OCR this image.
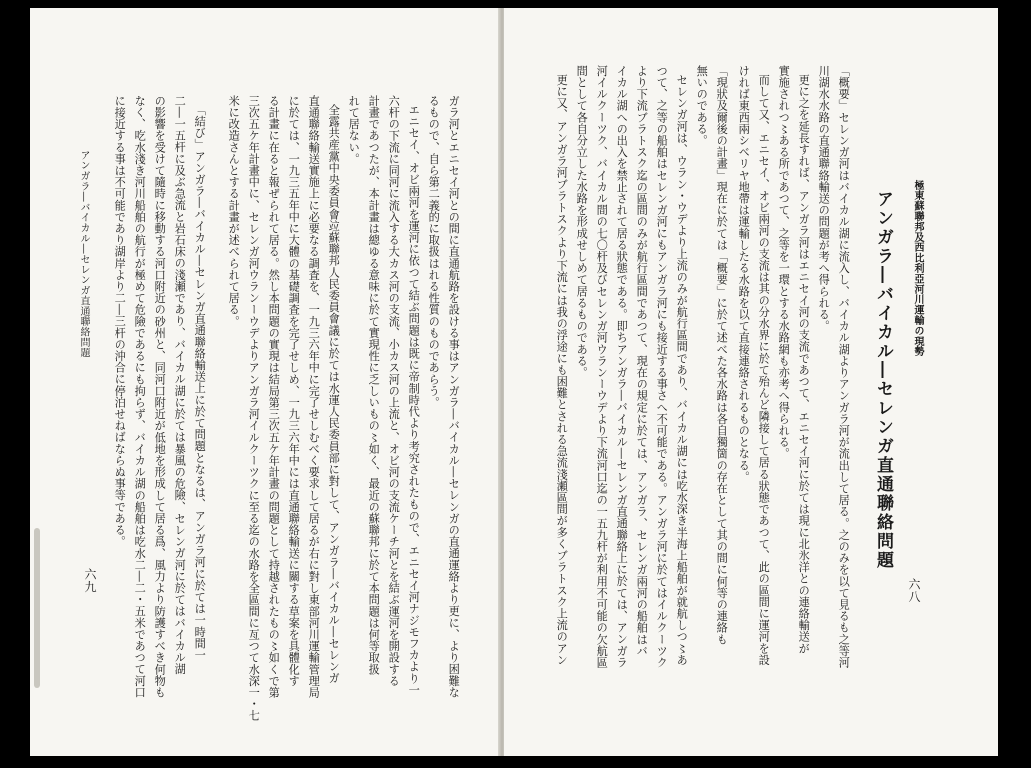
六九
アンガラ―バイカル―セレンガ直通聯絡問題	ガラ河とエニセイ河との間に直通航路を設ける事はアンガラ―バイカル―セレンガの直通運絡より更に、より困難な
るもので、自ら第二義的に取扱はれる性質のものであらう。
エニセイ、オビ兩河を運河に依つて結ぶ問題は既に帝制時代より考究されたもので、エニセイ河ナジモフカより一
六杆の下流に同河に流入する大カス河の支流、小カス河の上流と、オビ河の支流ケーチ河とを結ぶ運河を開設する
計畫であつたが、本計畫は總ゆる意味に於て實現性に乏しいもの〻如く、最近の蘇聯邦に於て本問題は何等取扱
れて居ない。
全露共産黨中央委員會竝蘇聯邦人民委員會議に於ては水運人民委員部に對して、アンガラ―バイカル―セレンガ
直通聯絡輸送實施上に必要なる調査を、一九三六年中に完了せしむべく要求して居るが右に對し東部河川運輸管理局
に於ては、一九三五年中に大體の基礎調査を完了せしめ、一九三六年中には直通聯絡輸送に關する草案を具體化す
る計畫に在ると報ぜられて居る。然し本問題の實現は結局第三次五ケ年計畫の問題として持越されたもの〻如くで第
三次五ケ年計畫中に、セレンガ河ウランーウデよりアンガラ河イルクーツクに至る迄の水路を全區間に亙つて水深一・七
米に改造さんとする計畫が述べられて居る。
「結び」アンガラ―バイカル―セレンガ直通聯絡輸送上に於て問題となるは、アンガラ河に於ては一時間一
二―一五杆に及ぶ急流と岩石床の淺瀬であり、バイカル湖に於ては暴風の危險、セレンガ河に於てはバイカル湖
の影響を受けて隨時に移動する河口附近の砂州と、同河口附近が低地を形成して居る爲、風力より防護すべき何物も
なく、吃水淺き河川船舶の航行が極めて危險であるにも拘らず、バイカル湖の船舶は吃水二―二・五米であつて河口
に接近する事は不可能であり湖岸より二―三杆の沖合に停泊せねばならぬ事等である。
六八
極東蘇聯邦及西比利亞河川運輸の現勢
アンガラ―バイカル―セレンガ直通聯絡問題
「概要」セレンガ河はバイカル湖に流入し、バイカル湖よりアンガラ河が流出して居る。之のみを以て見るも之等河
川湖水水路の直通聯絡輸送の問題が考へ得られる。
更に之を延長すれば、アンガラ河はエニセイ河の支流であつて、エニセイ河に於ては現に北氷洋との連絡輸送が
實施されつ〻ある所であつて、之等を一環とする水路網も亦考へ得られる。
而して又、エニセイ、オビ兩河の支流は其の分水界に於て殆んど隣接して居る狀態であつて、此の區間に運河を設
ければ東西兩シベリヤ地帶は運輸したる水路を以て直接連絡されるものとなる。
「現狀及爾後の計畫」現在に於ては「概要」に於て述べた各水路は各自獨箇の存在として其の間に何等の連絡も
無いのである。
セレンガ河は、ウラン・ウデより上流のみが航行區間であり、バイカル湖には吃水深き半海上船舶が就航しつ〻あ
つて、之等の船舶はセレンガ河にもアンガラ河にも接近する事さへ不可能である。アンガラ河に於てはイルクーツク
より下流ブラトスク迄の區間のみが航行區間であつて、現在の規定に於ては、アンガラ、セレンガ兩河の船舶はバ
イカル湖への出入を禁止されて居る狀態である。即ちアンガラ―バイカル―セレンガ直通聯絡上に於ては、アンガラ
河イルクーツク、バイカル間の七〇杆及びセレンガ河ウランーウデより下流河口迄の一五九杆が利用不可能の欠航區
間として各自分立した水路を形成せしめて居るものである。
更に又、アンガラ河ブラトスクより下流には我の浮途にも困難とされる急流淺瀬區間が多くブラトスク上流のアン
